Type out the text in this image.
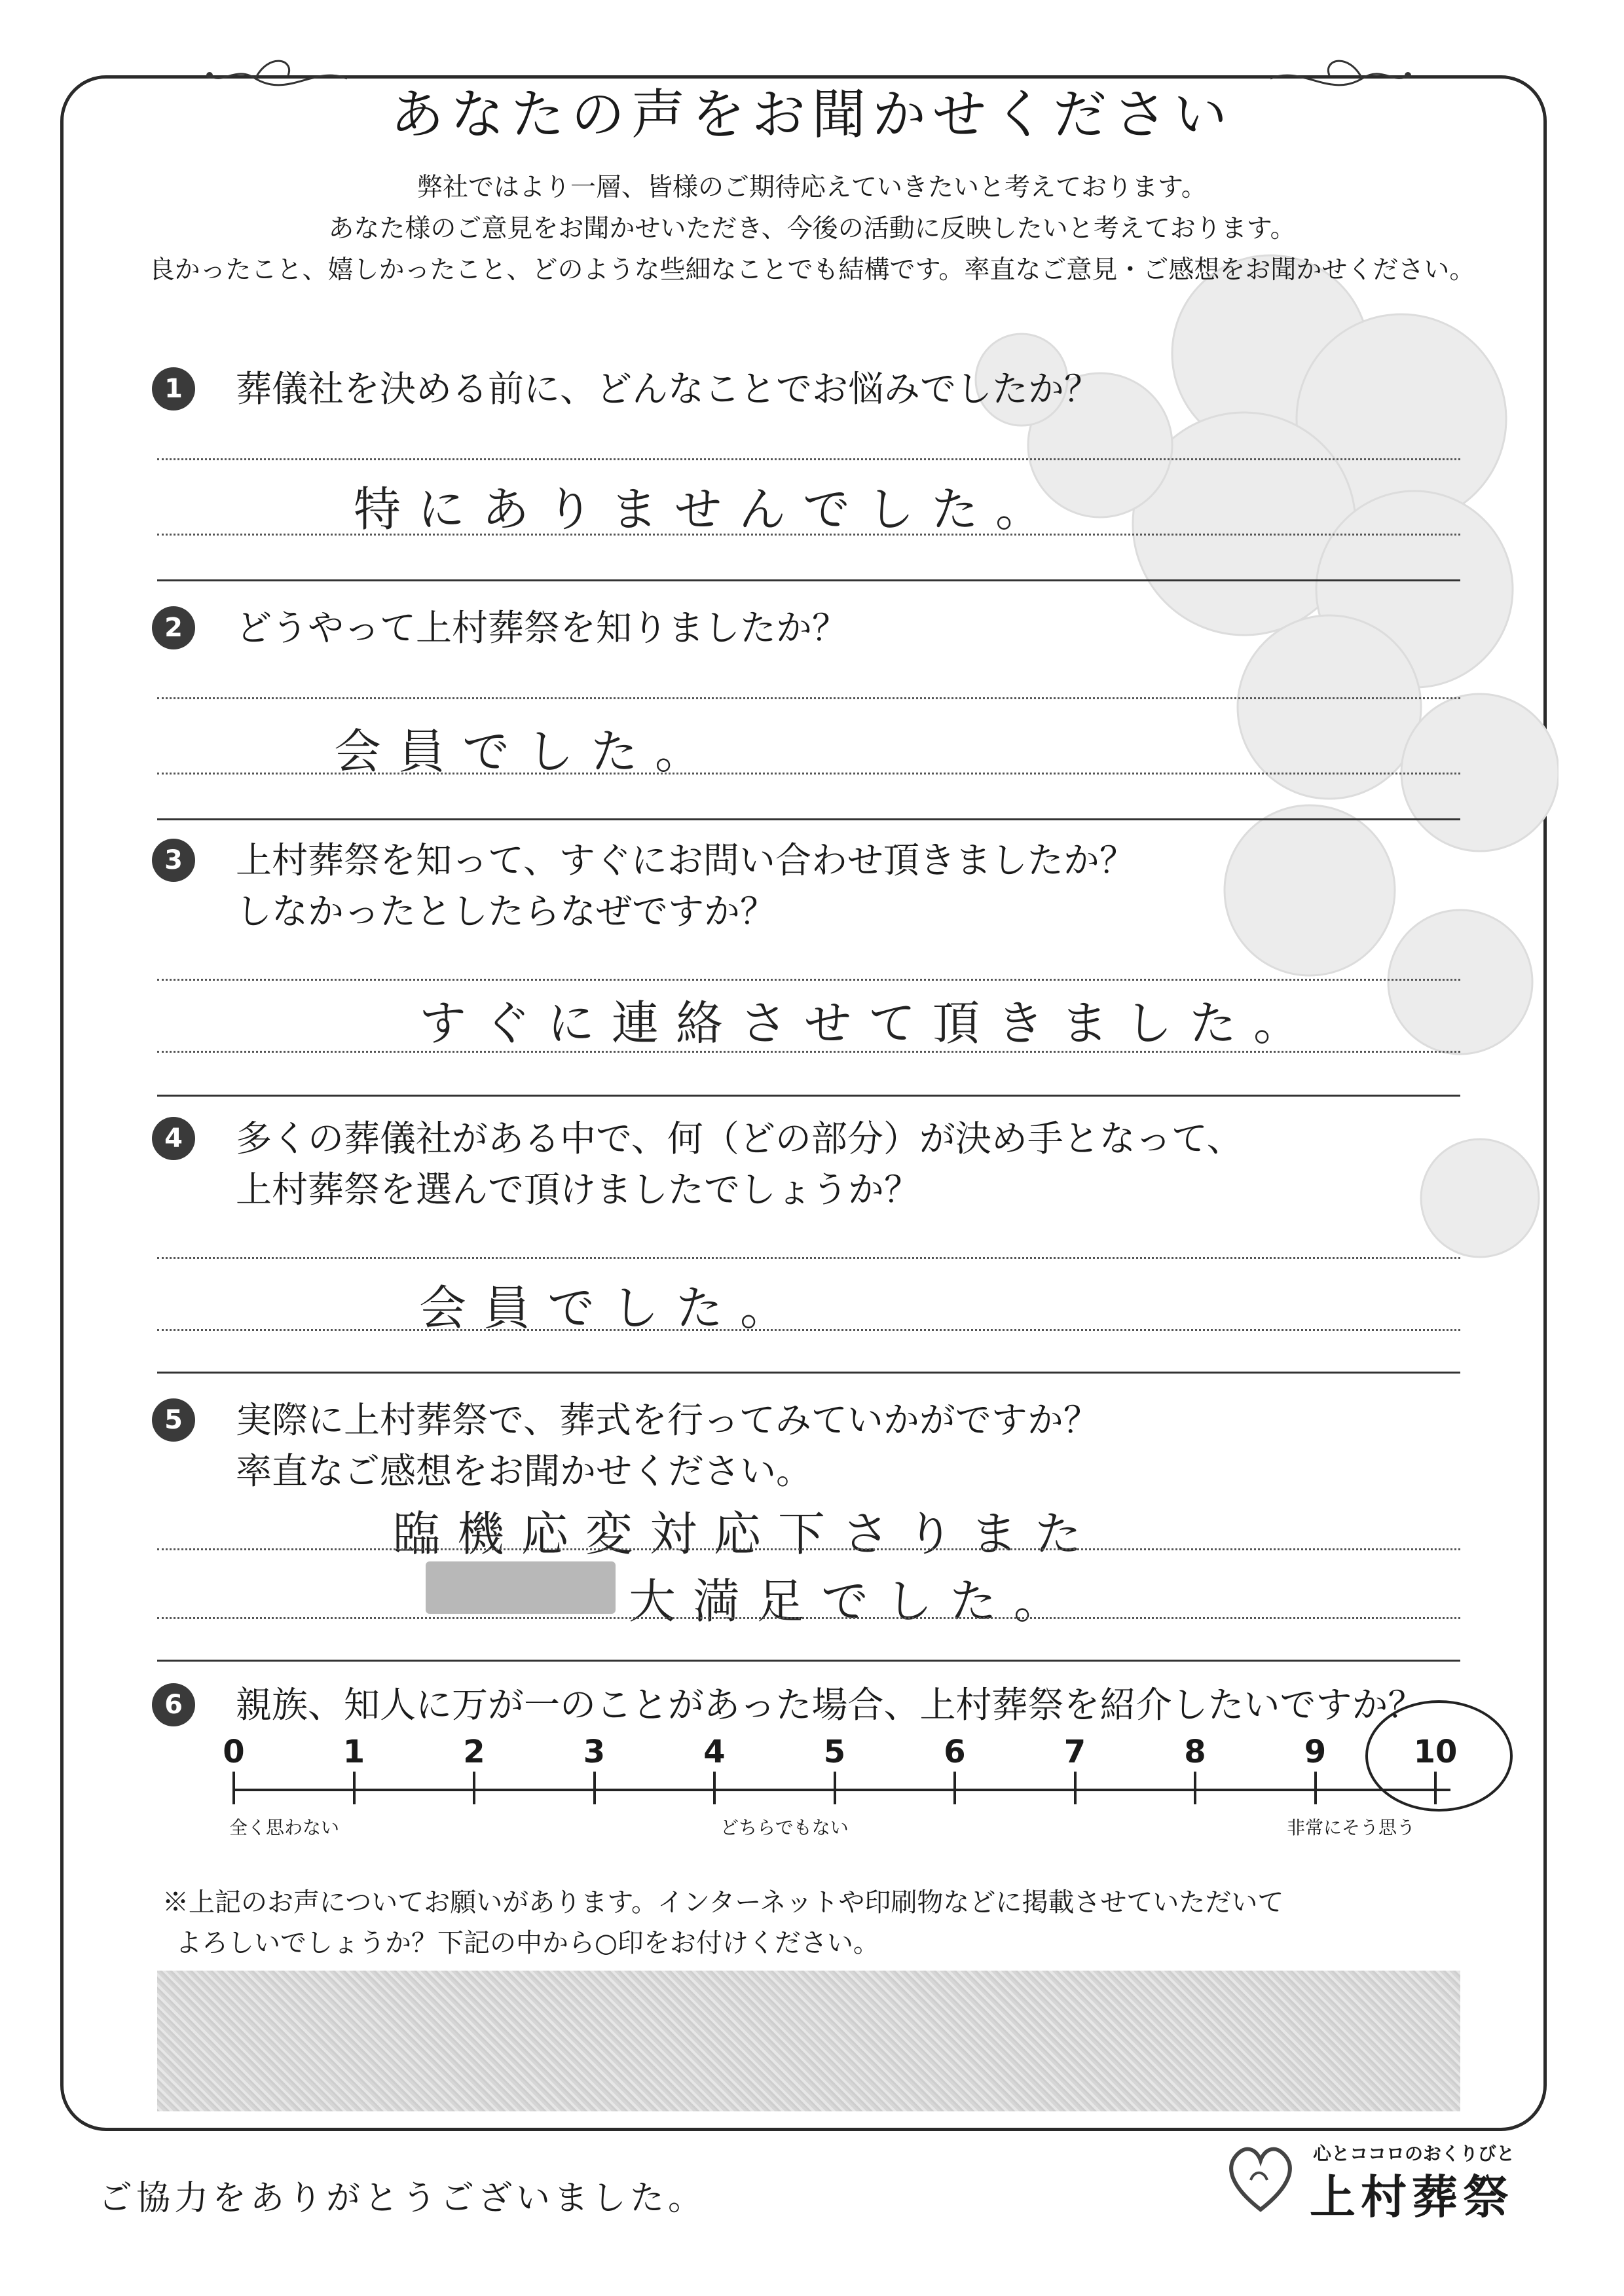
あなたの声をお聞かせください
弊社ではより一層、皆様のご期待応えていきたいと考えております。
あなた様のご意見をお聞かせいただき、今後の活動に反映したいと考えております。
良かったこと、嬉しかったこと、どのような些細なことでも結構です。率直なご意見・ご感想をお聞かせください。
1	葬儀社を決める前に、どんなことでお悩みでしたか？
特にありませんでした。
2	どうやって上村葬祭を知りましたか？
会員でした。
3	上村葬祭を知って、すぐにお問い合わせ頂きましたか？
しなかったとしたらなぜですか？
すぐに連絡させて頂きました。
4	多くの葬儀社がある中で、何（どの部分）が決め手となって、
上村葬祭を選んで頂けましたでしょうか？
会員でした。
5	実際に上村葬祭で、葬式を行ってみていかがですか？
率直なご感想をお聞かせください。
臨機応変対応下さりまた
大満足でした。
6	親族、知人に万が一のことがあった場合、上村葬祭を紹介したいですか？
0	1	2	3	4	5	6	7	8	9	10
全く思わない	どちらでもない	非常にそう思う
※上記のお声についてお願いがあります。インターネットや印刷物などに掲載させていただいて
よろしいでしょうか？下記の中から○印をお付けください。
ご協力をありがとうございました。
心とココロのおくりびと
上村葬祭
